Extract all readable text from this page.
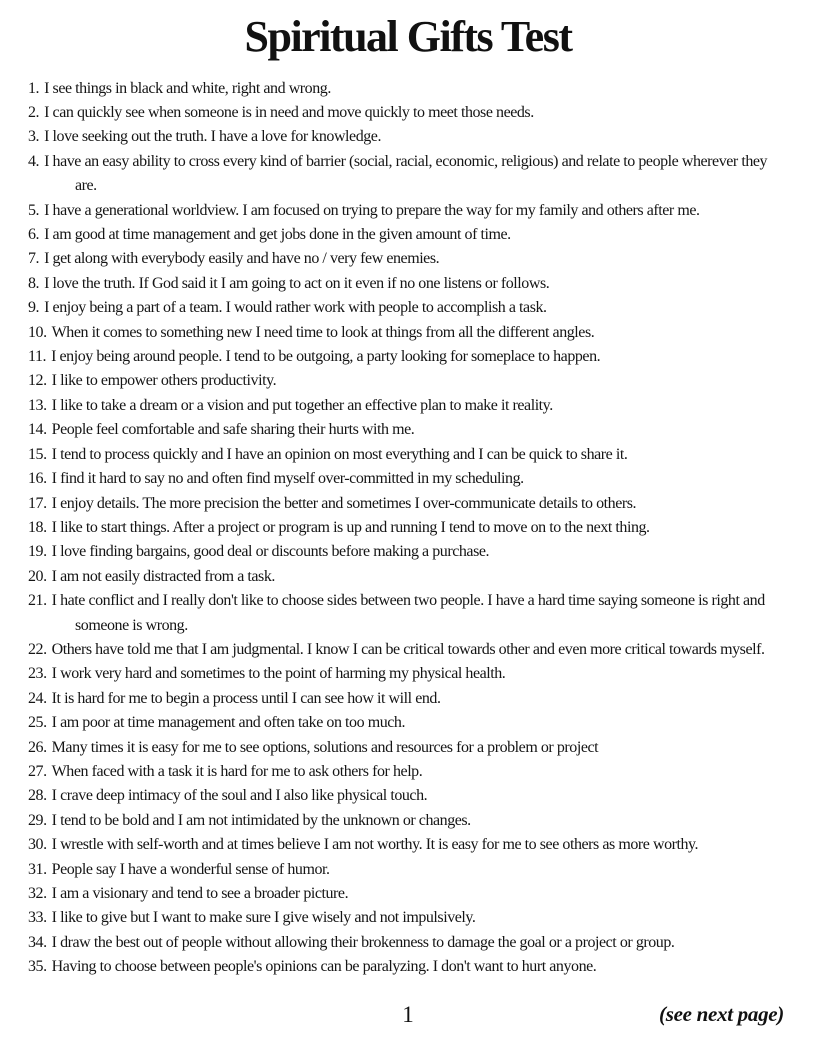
Spiritual Gifts Test
1. I see things in black and white, right and wrong.
2. I can quickly see when someone is in need and move quickly to meet those needs.
3. I love seeking out the truth. I have a love for knowledge.
4. I have an easy ability to cross every kind of barrier (social, racial, economic, religious) and relate to people wherever they are.
5. I have a generational worldview. I am focused on trying to prepare the way for my family and others after me.
6. I am good at time management and get jobs done in the given amount of time.
7. I get along with everybody easily and have no / very few enemies.
8. I love the truth. If God said it I am going to act on it even if no one listens or follows.
9. I enjoy being a part of a team. I would rather work with people to accomplish a task.
10. When it comes to something new I need time to look at things from all the different angles.
11. I enjoy being around people. I tend to be outgoing, a party looking for someplace to happen.
12. I like to empower others productivity.
13. I like to take a dream or a vision and put together an effective plan to make it reality.
14. People feel comfortable and safe sharing their hurts with me.
15. I tend to process quickly and I have an opinion on most everything and I can be quick to share it.
16. I find it hard to say no and often find myself over-committed in my scheduling.
17. I enjoy details. The more precision the better and sometimes I over-communicate details to others.
18. I like to start things. After a project or program is up and running I tend to move on to the next thing.
19. I love finding bargains, good deal or discounts before making a purchase.
20. I am not easily distracted from a task.
21. I hate conflict and I really don't like to choose sides between two people. I have a hard time saying someone is right and someone is wrong.
22. Others have told me that I am judgmental. I know I can be critical towards other and even more critical towards myself.
23. I work very hard and sometimes to the point of harming my physical health.
24. It is hard for me to begin a process until I can see how it will end.
25. I am poor at time management and often take on too much.
26. Many times it is easy for me to see options, solutions and resources for a problem or project
27. When faced with a task it is hard for me to ask others for help.
28. I crave deep intimacy of the soul and I also like physical touch.
29. I tend to be bold and I am not intimidated by the unknown or changes.
30. I wrestle with self-worth and at times believe I am not worthy. It is easy for me to see others as more worthy.
31. People say I have a wonderful sense of humor.
32. I am a visionary and tend to see a broader picture.
33. I like to give but I want to make sure I give wisely and not impulsively.
34. I draw the best out of people without allowing their brokenness to damage the goal or a project or group.
35. Having to choose between people's opinions can be paralyzing. I don't want to hurt anyone.
1	(see next page)
